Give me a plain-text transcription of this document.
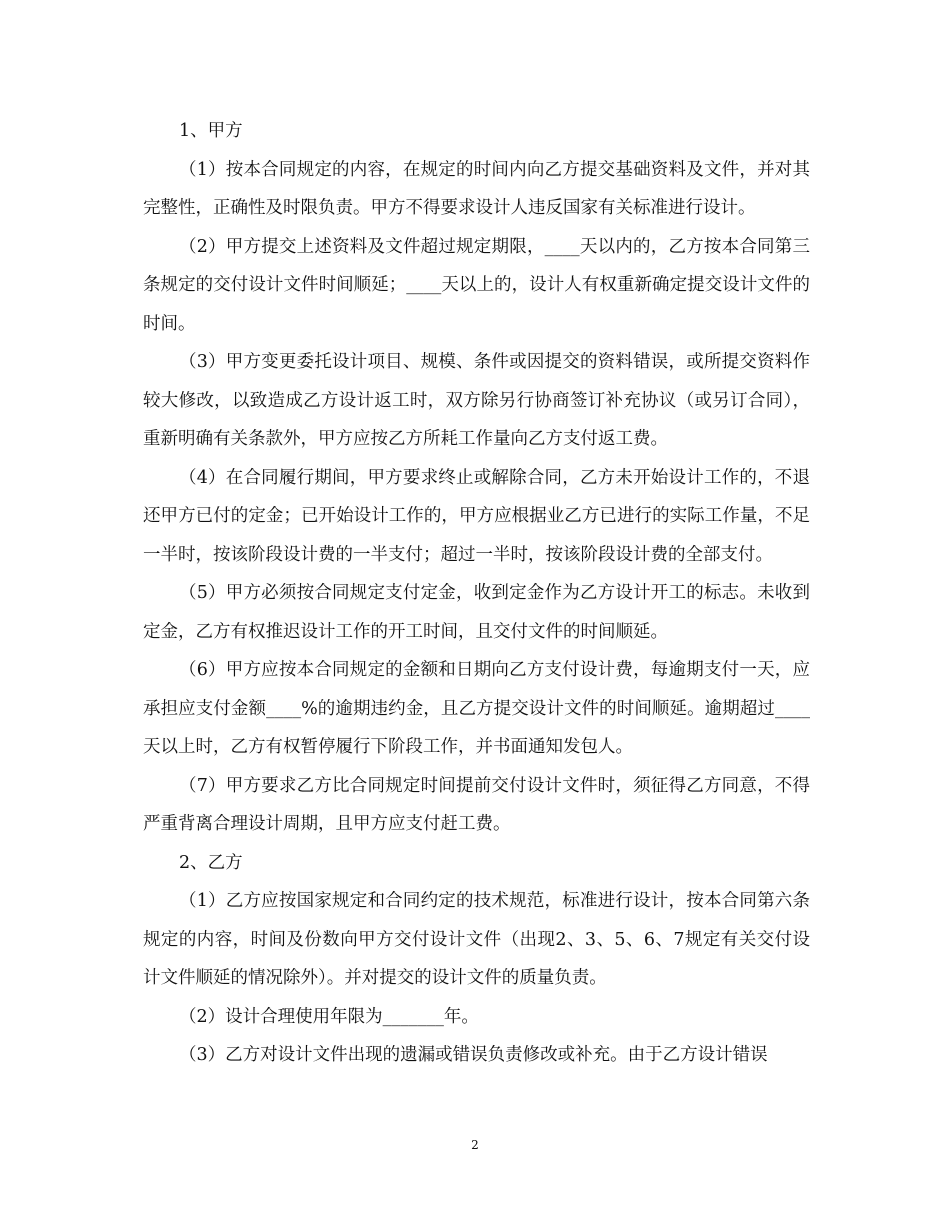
1、甲方

（1）按本合同规定的内容，在规定的时间内向乙方提交基础资料及文件，并对其完整性，正确性及时限负责。甲方不得要求设计人违反国家有关标准进行设计。

（2）甲方提交上述资料及文件超过规定期限，____天以内的，乙方按本合同第三条规定的交付设计文件时间顺延；____天以上的，设计人有权重新确定提交设计文件的时间。

（3）甲方变更委托设计项目、规模、条件或因提交的资料错误，或所提交资料作较大修改，以致造成乙方设计返工时，双方除另行协商签订补充协议（或另订合同），重新明确有关条款外，甲方应按乙方所耗工作量向乙方支付返工费。

（4）在合同履行期间，甲方要求终止或解除合同，乙方未开始设计工作的，不退还甲方已付的定金；已开始设计工作的，甲方应根据业乙方已进行的实际工作量，不足一半时，按该阶段设计费的一半支付；超过一半时，按该阶段设计费的全部支付。

（5）甲方必须按合同规定支付定金，收到定金作为乙方设计开工的标志。未收到定金，乙方有权推迟设计工作的开工时间，且交付文件的时间顺延。

（6）甲方应按本合同规定的金额和日期向乙方支付设计费，每逾期支付一天，应承担应支付金额____%的逾期违约金，且乙方提交设计文件的时间顺延。逾期超过____天以上时，乙方有权暂停履行下阶段工作，并书面通知发包人。

（7）甲方要求乙方比合同规定时间提前交付设计文件时，须征得乙方同意，不得严重背离合理设计周期，且甲方应支付赶工费。

2、乙方

（1）乙方应按国家规定和合同约定的技术规范，标准进行设计，按本合同第六条规定的内容，时间及份数向甲方交付设计文件（出现2、3、5、6、7规定有关交付设计文件顺延的情况除外）。并对提交的设计文件的质量负责。

（2）设计合理使用年限为_______年。

（3）乙方对设计文件出现的遗漏或错误负责修改或补充。由于乙方设计错误

2
